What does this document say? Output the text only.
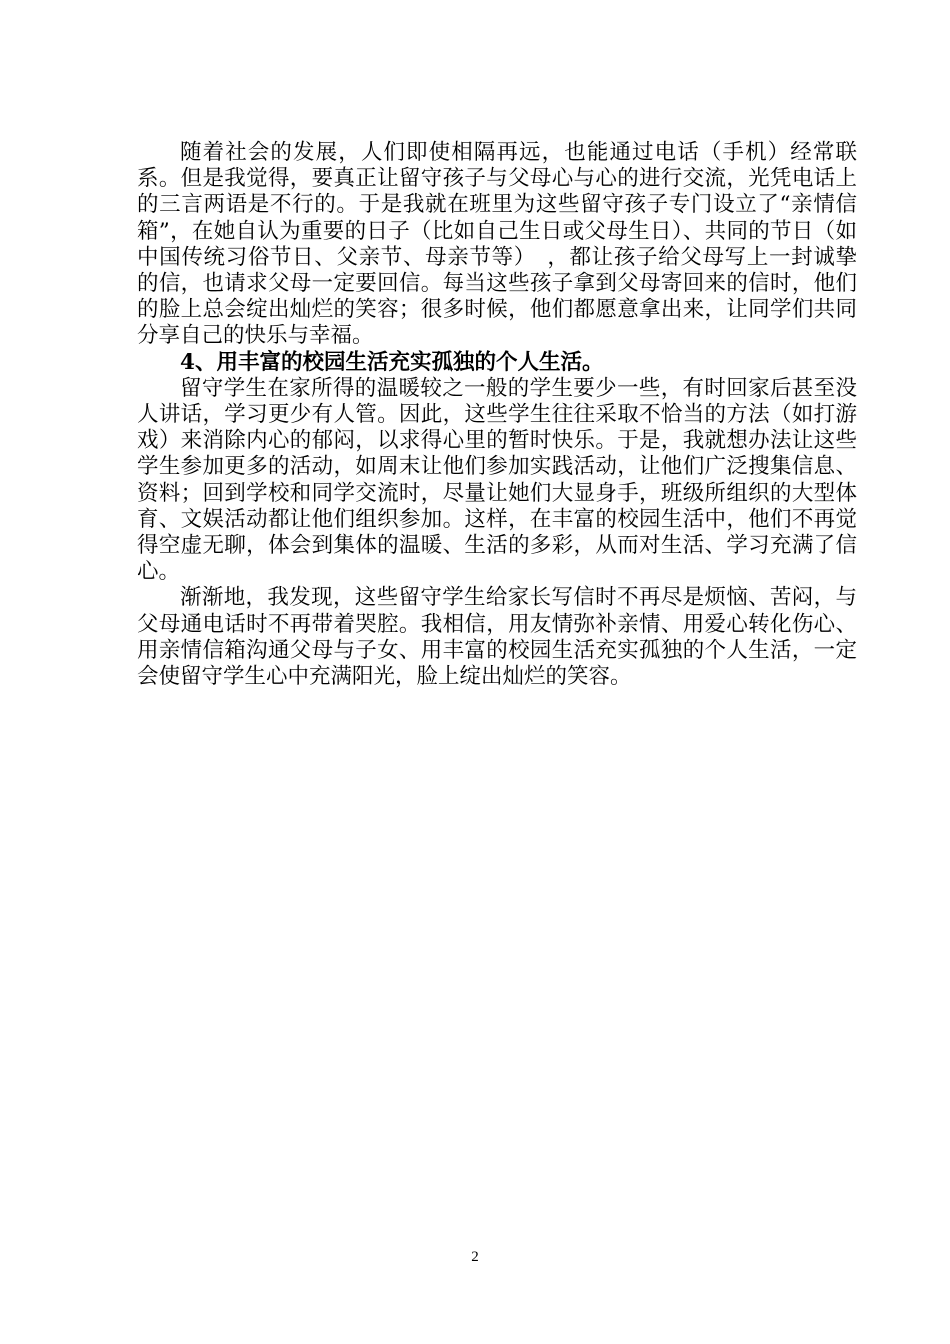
随着社会的发展，人们即使相隔再远，也能通过电话（手机）经常联系。但是我觉得，要真正让留守孩子与父母心与心的进行交流，光凭电话上的三言两语是不行的。于是我就在班里为这些留守孩子专门设立了“亲情信箱”，在她自认为重要的日子（比如自己生日或父母生日）、共同的节日（如中国传统习俗节日、父亲节、母亲节等）　，都让孩子给父母写上一封诚挚的信，也请求父母一定要回信。每当这些孩子拿到父母寄回来的信时，他们的脸上总会绽出灿烂的笑容；很多时候，他们都愿意拿出来，让同学们共同分享自己的快乐与幸福。

4、用丰富的校园生活充实孤独的个人生活。

留守学生在家所得的温暖较之一般的学生要少一些，有时回家后甚至没人讲话，学习更少有人管。因此，这些学生往往采取不恰当的方法（如打游戏）来消除内心的郁闷，以求得心里的暂时快乐。于是，我就想办法让这些学生参加更多的活动，如周末让他们参加实践活动，让他们广泛搜集信息、资料；回到学校和同学交流时，尽量让她们大显身手，班级所组织的大型体育、文娱活动都让他们组织参加。这样，在丰富的校园生活中，他们不再觉得空虚无聊，体会到集体的温暖、生活的多彩，从而对生活、学习充满了信心。

渐渐地，我发现，这些留守学生给家长写信时不再尽是烦恼、苦闷，与父母通电话时不再带着哭腔。我相信，用友情弥补亲情、用爱心转化伤心、用亲情信箱沟通父母与子女、用丰富的校园生活充实孤独的个人生活，一定会使留守学生心中充满阳光，脸上绽出灿烂的笑容。

2
